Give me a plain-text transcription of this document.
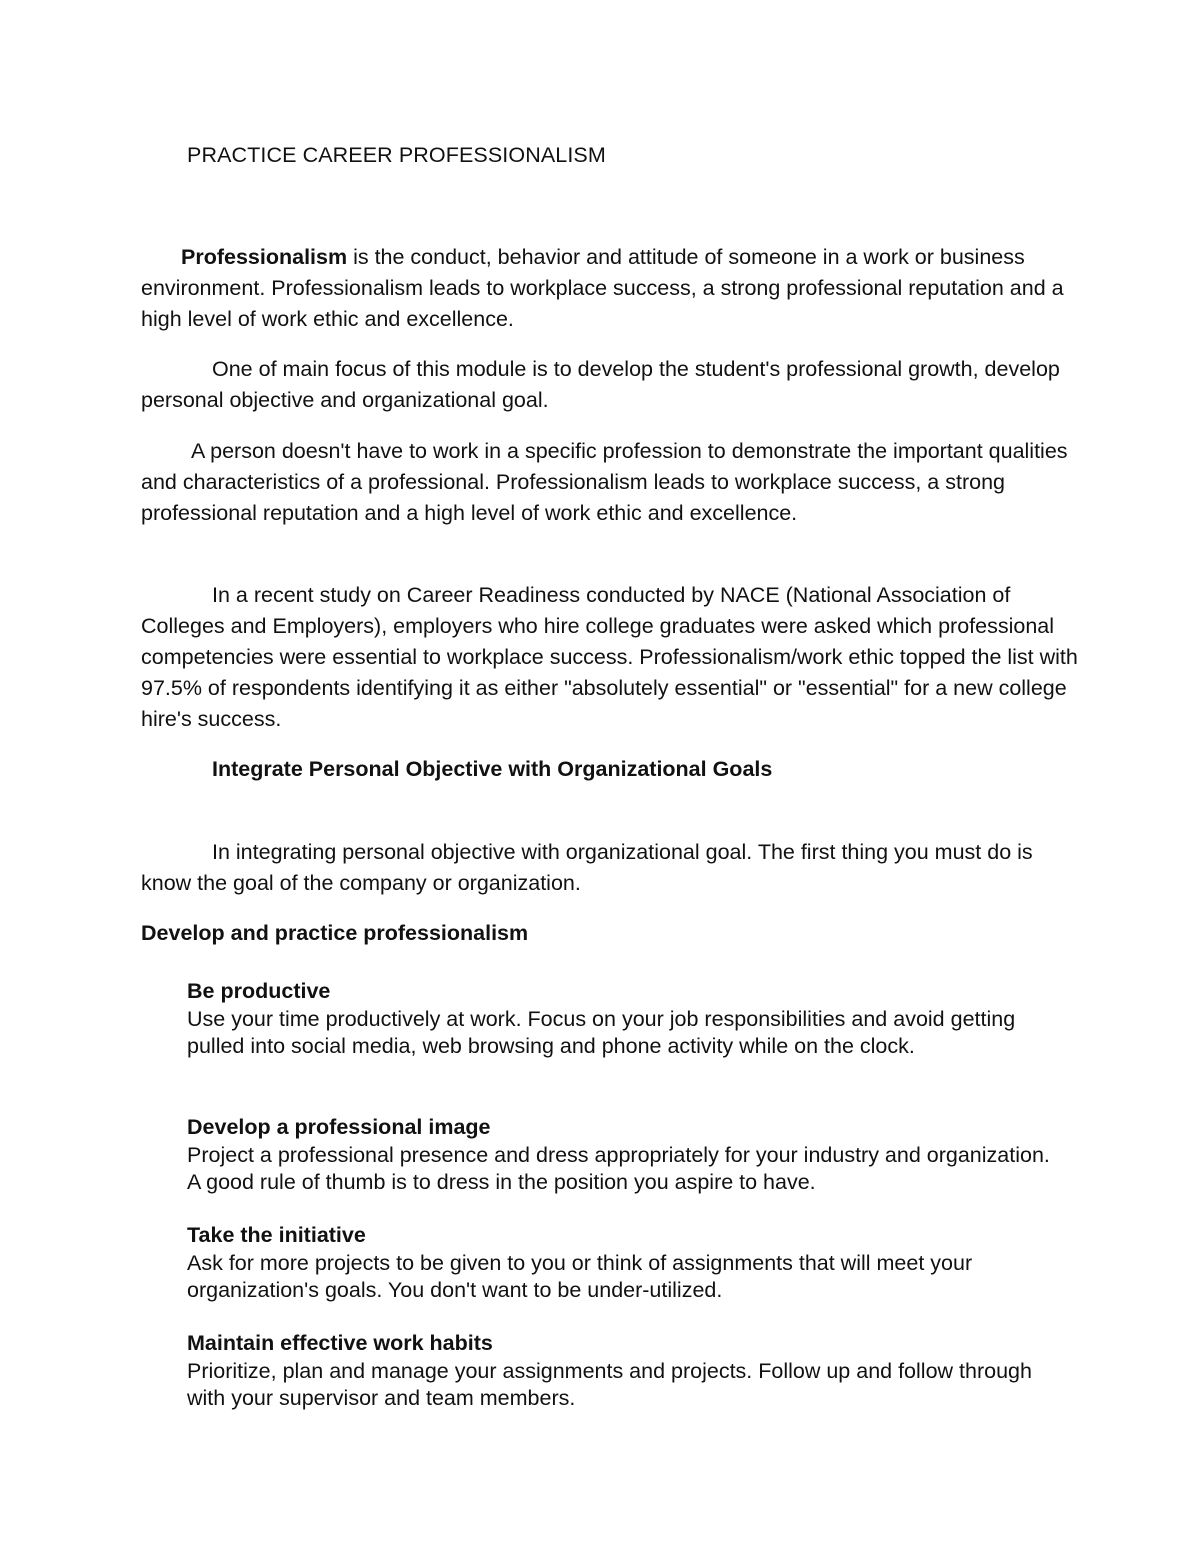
PRACTICE CAREER PROFESSIONALISM

Professionalism is the conduct, behavior and attitude of someone in a work or business environment. Professionalism leads to workplace success, a strong professional reputation and a high level of work ethic and excellence.

One of main focus of this module is to develop the student's professional growth, develop personal objective and organizational goal.

A person doesn't have to work in a specific profession to demonstrate the important qualities and characteristics of a professional. Professionalism leads to workplace success, a strong professional reputation and a high level of work ethic and excellence.

In a recent study on Career Readiness conducted by NACE (National Association of Colleges and Employers), employers who hire college graduates were asked which professional competencies were essential to workplace success. Professionalism/work ethic topped the list with 97.5% of respondents identifying it as either "absolutely essential" or "essential" for a new college hire's success.

Integrate Personal Objective with Organizational Goals

In integrating personal objective with organizational goal. The first thing you must do is know the goal of the company or organization.

Develop and practice professionalism
Be productive
Use your time productively at work. Focus on your job responsibilities and avoid getting pulled into social media, web browsing and phone activity while on the clock.
Develop a professional image
Project a professional presence and dress appropriately for your industry and organization. A good rule of thumb is to dress in the position you aspire to have.
Take the initiative
Ask for more projects to be given to you or think of assignments that will meet your organization's goals. You don't want to be under-utilized.
Maintain effective work habits
Prioritize, plan and manage your assignments and projects. Follow up and follow through with your supervisor and team members.
